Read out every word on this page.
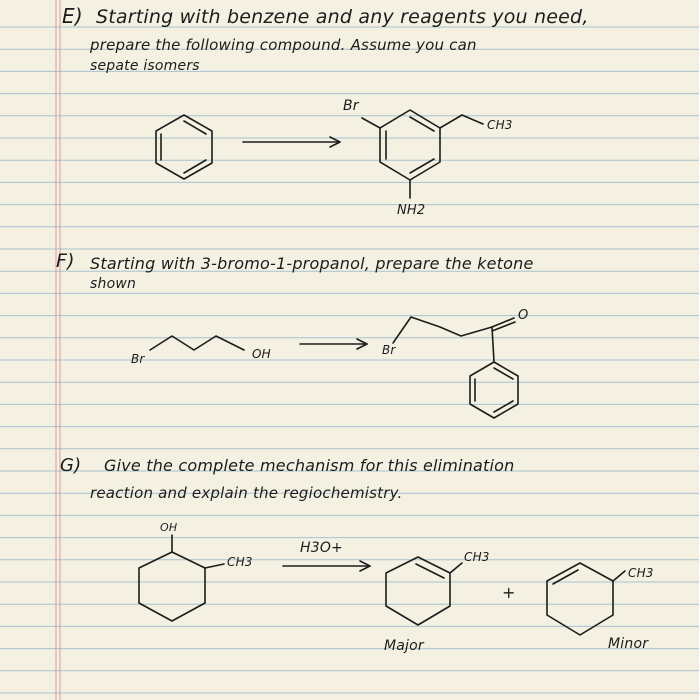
E) Starting with benzene and any reagents you need,
prepare the following compound. Assume you can
sepate isomers
Br
CH3
NH2
F) Starting with 3-bromo-1-propanol, prepare the ketone
shown
Br	OH	Br
O
G) Give the complete mechanism for this elimination
reaction and explain the regiochemistry.
OH
CH3
H3O+
CH3
+
CH3
Major	Minor
